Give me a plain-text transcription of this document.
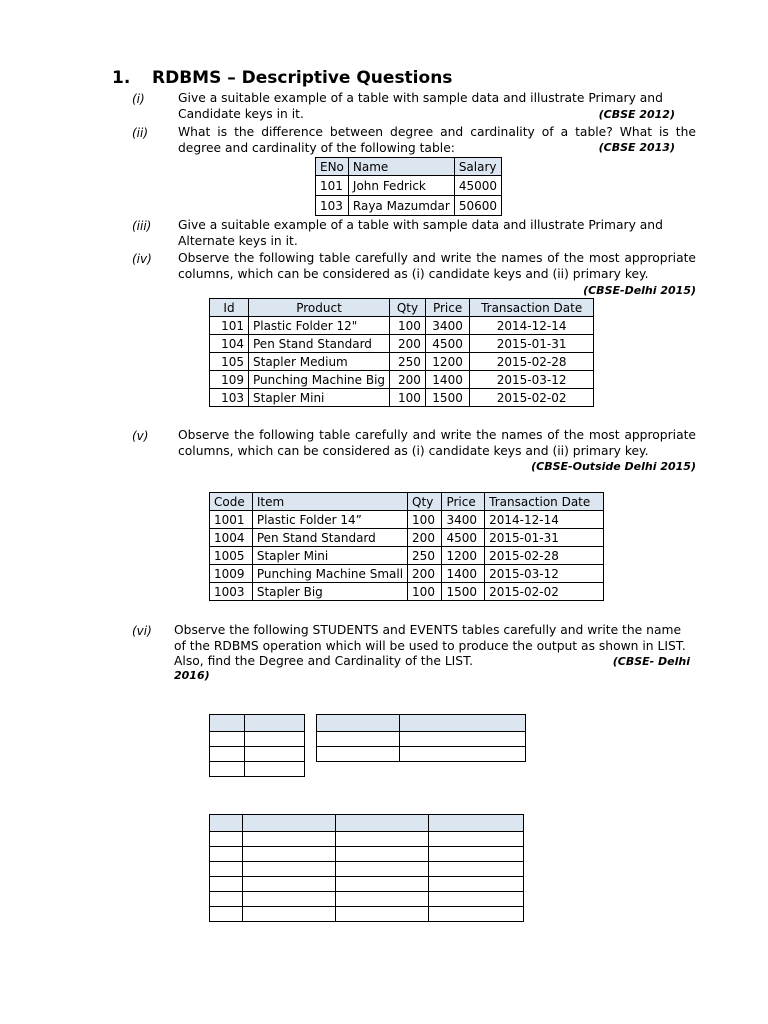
1. RDBMS – Descriptive Questions
(i)	Give a suitable example of a table with sample data and illustrate Primary and Candidate keys in it.	(CBSE 2012)
(ii) What is the difference between degree and cardinality of a table? What is the degree and cardinality of the following table:	(CBSE 2013)
ENo	Name	Salary
101	John Fedrick	45000
103	Raya Mazumdar	50600
(iii) Give a suitable example of a table with sample data and illustrate Primary and Alternate keys in it.
(iv) Observe the following table carefully and write the names of the most appropriate columns, which can be considered as (i) candidate keys and (ii) primary key.
(CBSE-Delhi 2015)
Id	Product	Qty	Price	Transaction Date
101	Plastic Folder 12"	100	3400	2014-12-14
104	Pen Stand Standard	200	4500	2015-01-31
105	Stapler Medium	250	1200	2015-02-28
109	Punching Machine Big	200	1400	2015-03-12
103	Stapler Mini	100	1500	2015-02-02
(v) Observe the following table carefully and write the names of the most appropriate columns, which can be considered as (i) candidate keys and (ii) primary key.
(CBSE-Outside Delhi 2015)
Code	Item	Qty	Price	Transaction Date
1001	Plastic Folder 14”	100	3400	2014-12-14
1004	Pen Stand Standard	200	4500	2015-01-31
1005	Stapler Mini	250	1200	2015-02-28
1009	Punching Machine Small	200	1400	2015-03-12
1003	Stapler Big	100	1500	2015-02-02
(vi) Observe the following STUDENTS and EVENTS tables carefully and write the name of the RDBMS operation which will be used to produce the output as shown in LIST. Also, find the Degree and Cardinality of the LIST.	(CBSE- Delhi
2016)
